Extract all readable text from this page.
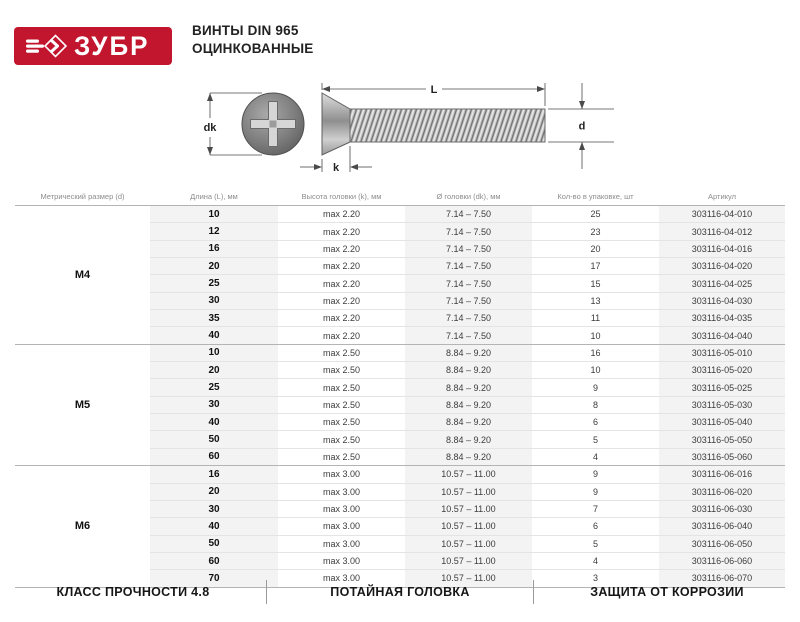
ЗУБР
ВИНТЫ DIN 965
ОЦИНКОВАННЫЕ
dk
L
k
d
Метрический размер (d)	Длина (L), мм	Высота головки (k), мм	Ø головки (dk), мм	Кол-во в упаковке, шт	Артикул
M4	10	max 2.20	7.14 – 7.50	25	303116-04-010
	12	max 2.20	7.14 – 7.50	23	303116-04-012
	16	max 2.20	7.14 – 7.50	20	303116-04-016
	20	max 2.20	7.14 – 7.50	17	303116-04-020
	25	max 2.20	7.14 – 7.50	15	303116-04-025
	30	max 2.20	7.14 – 7.50	13	303116-04-030
	35	max 2.20	7.14 – 7.50	11	303116-04-035
	40	max 2.20	7.14 – 7.50	10	303116-04-040
M5	10	max 2.50	8.84 – 9.20	16	303116-05-010
	20	max 2.50	8.84 – 9.20	10	303116-05-020
	25	max 2.50	8.84 – 9.20	9	303116-05-025
	30	max 2.50	8.84 – 9.20	8	303116-05-030
	40	max 2.50	8.84 – 9.20	6	303116-05-040
	50	max 2.50	8.84 – 9.20	5	303116-05-050
	60	max 2.50	8.84 – 9.20	4	303116-05-060
M6	16	max 3.00	10.57 – 11.00	9	303116-06-016
	20	max 3.00	10.57 – 11.00	9	303116-06-020
	30	max 3.00	10.57 – 11.00	7	303116-06-030
	40	max 3.00	10.57 – 11.00	6	303116-06-040
	50	max 3.00	10.57 – 11.00	5	303116-06-050
	60	max 3.00	10.57 – 11.00	4	303116-06-060
	70	max 3.00	10.57 – 11.00	3	303116-06-070
КЛАСС ПРОЧНОСТИ 4.8	ПОТАЙНАЯ ГОЛОВКА	ЗАЩИТА ОТ КОРРОЗИИ
